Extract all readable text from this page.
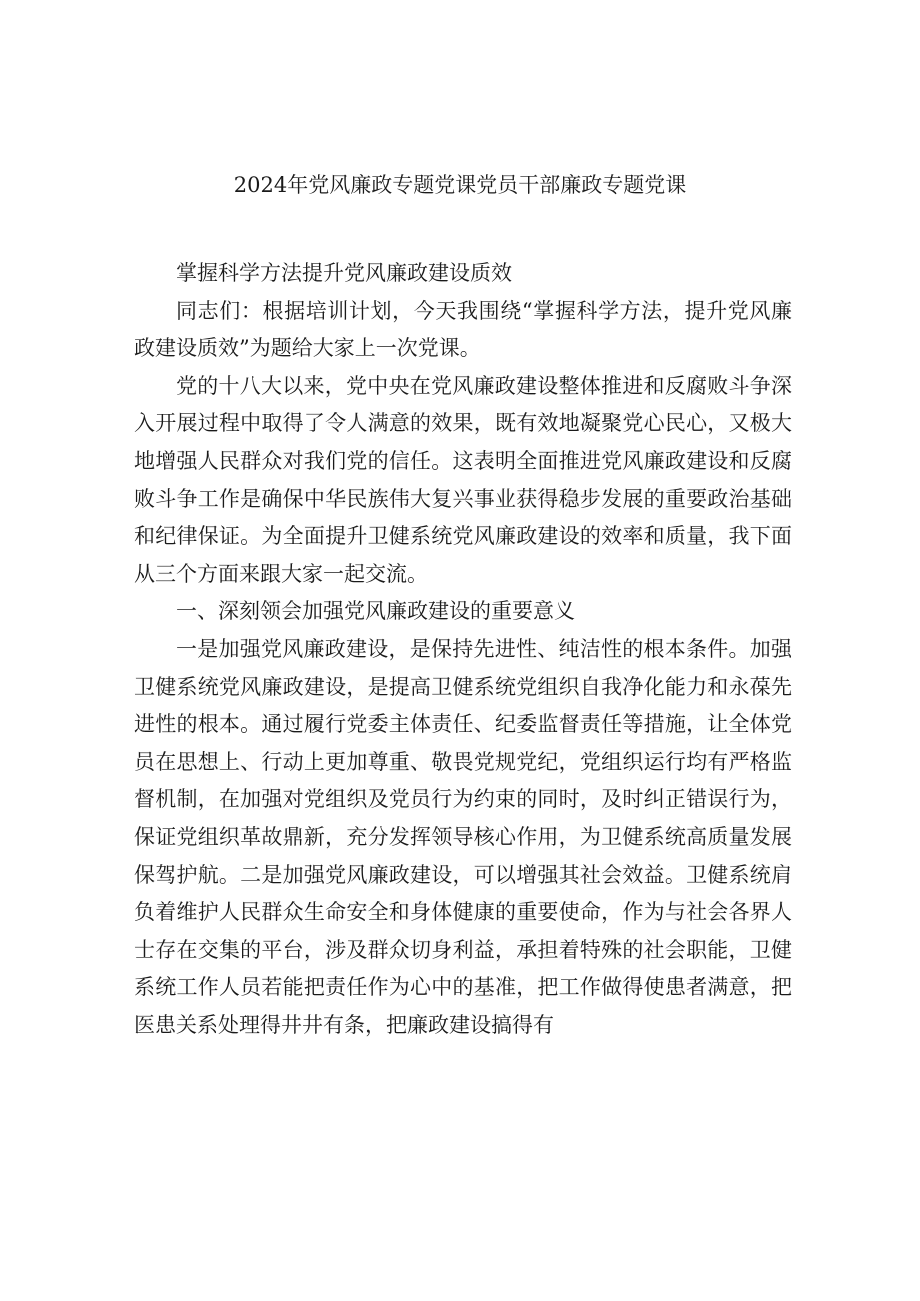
2024年党风廉政专题党课党员干部廉政专题党课

掌握科学方法提升党风廉政建设质效

同志们：根据培训计划，今天我围绕“掌握科学方法，提升党风廉政建设质效”为题给大家上一次党课。

党的十八大以来，党中央在党风廉政建设整体推进和反腐败斗争深入开展过程中取得了令人满意的效果，既有效地凝聚党心民心，又极大地增强人民群众对我们党的信任。这表明全面推进党风廉政建设和反腐败斗争工作是确保中华民族伟大复兴事业获得稳步发展的重要政治基础和纪律保证。为全面提升卫健系统党风廉政建设的效率和质量，我下面从三个方面来跟大家一起交流。

一、深刻领会加强党风廉政建设的重要意义

一是加强党风廉政建设，是保持先进性、纯洁性的根本条件。加强卫健系统党风廉政建设，是提高卫健系统党组织自我净化能力和永葆先进性的根本。通过履行党委主体责任、纪委监督责任等措施，让全体党员在思想上、行动上更加尊重、敬畏党规党纪，党组织运行均有严格监督机制，在加强对党组织及党员行为约束的同时，及时纠正错误行为，保证党组织革故鼎新，充分发挥领导核心作用，为卫健系统高质量发展保驾护航。二是加强党风廉政建设，可以增强其社会效益。卫健系统肩负着维护人民群众生命安全和身体健康的重要使命，作为与社会各界人士存在交集的平台，涉及群众切身利益，承担着特殊的社会职能，卫健系统工作人员若能把责任作为心中的基准，把工作做得使患者满意，把医患关系处理得井井有条，把廉政建设搞得有
